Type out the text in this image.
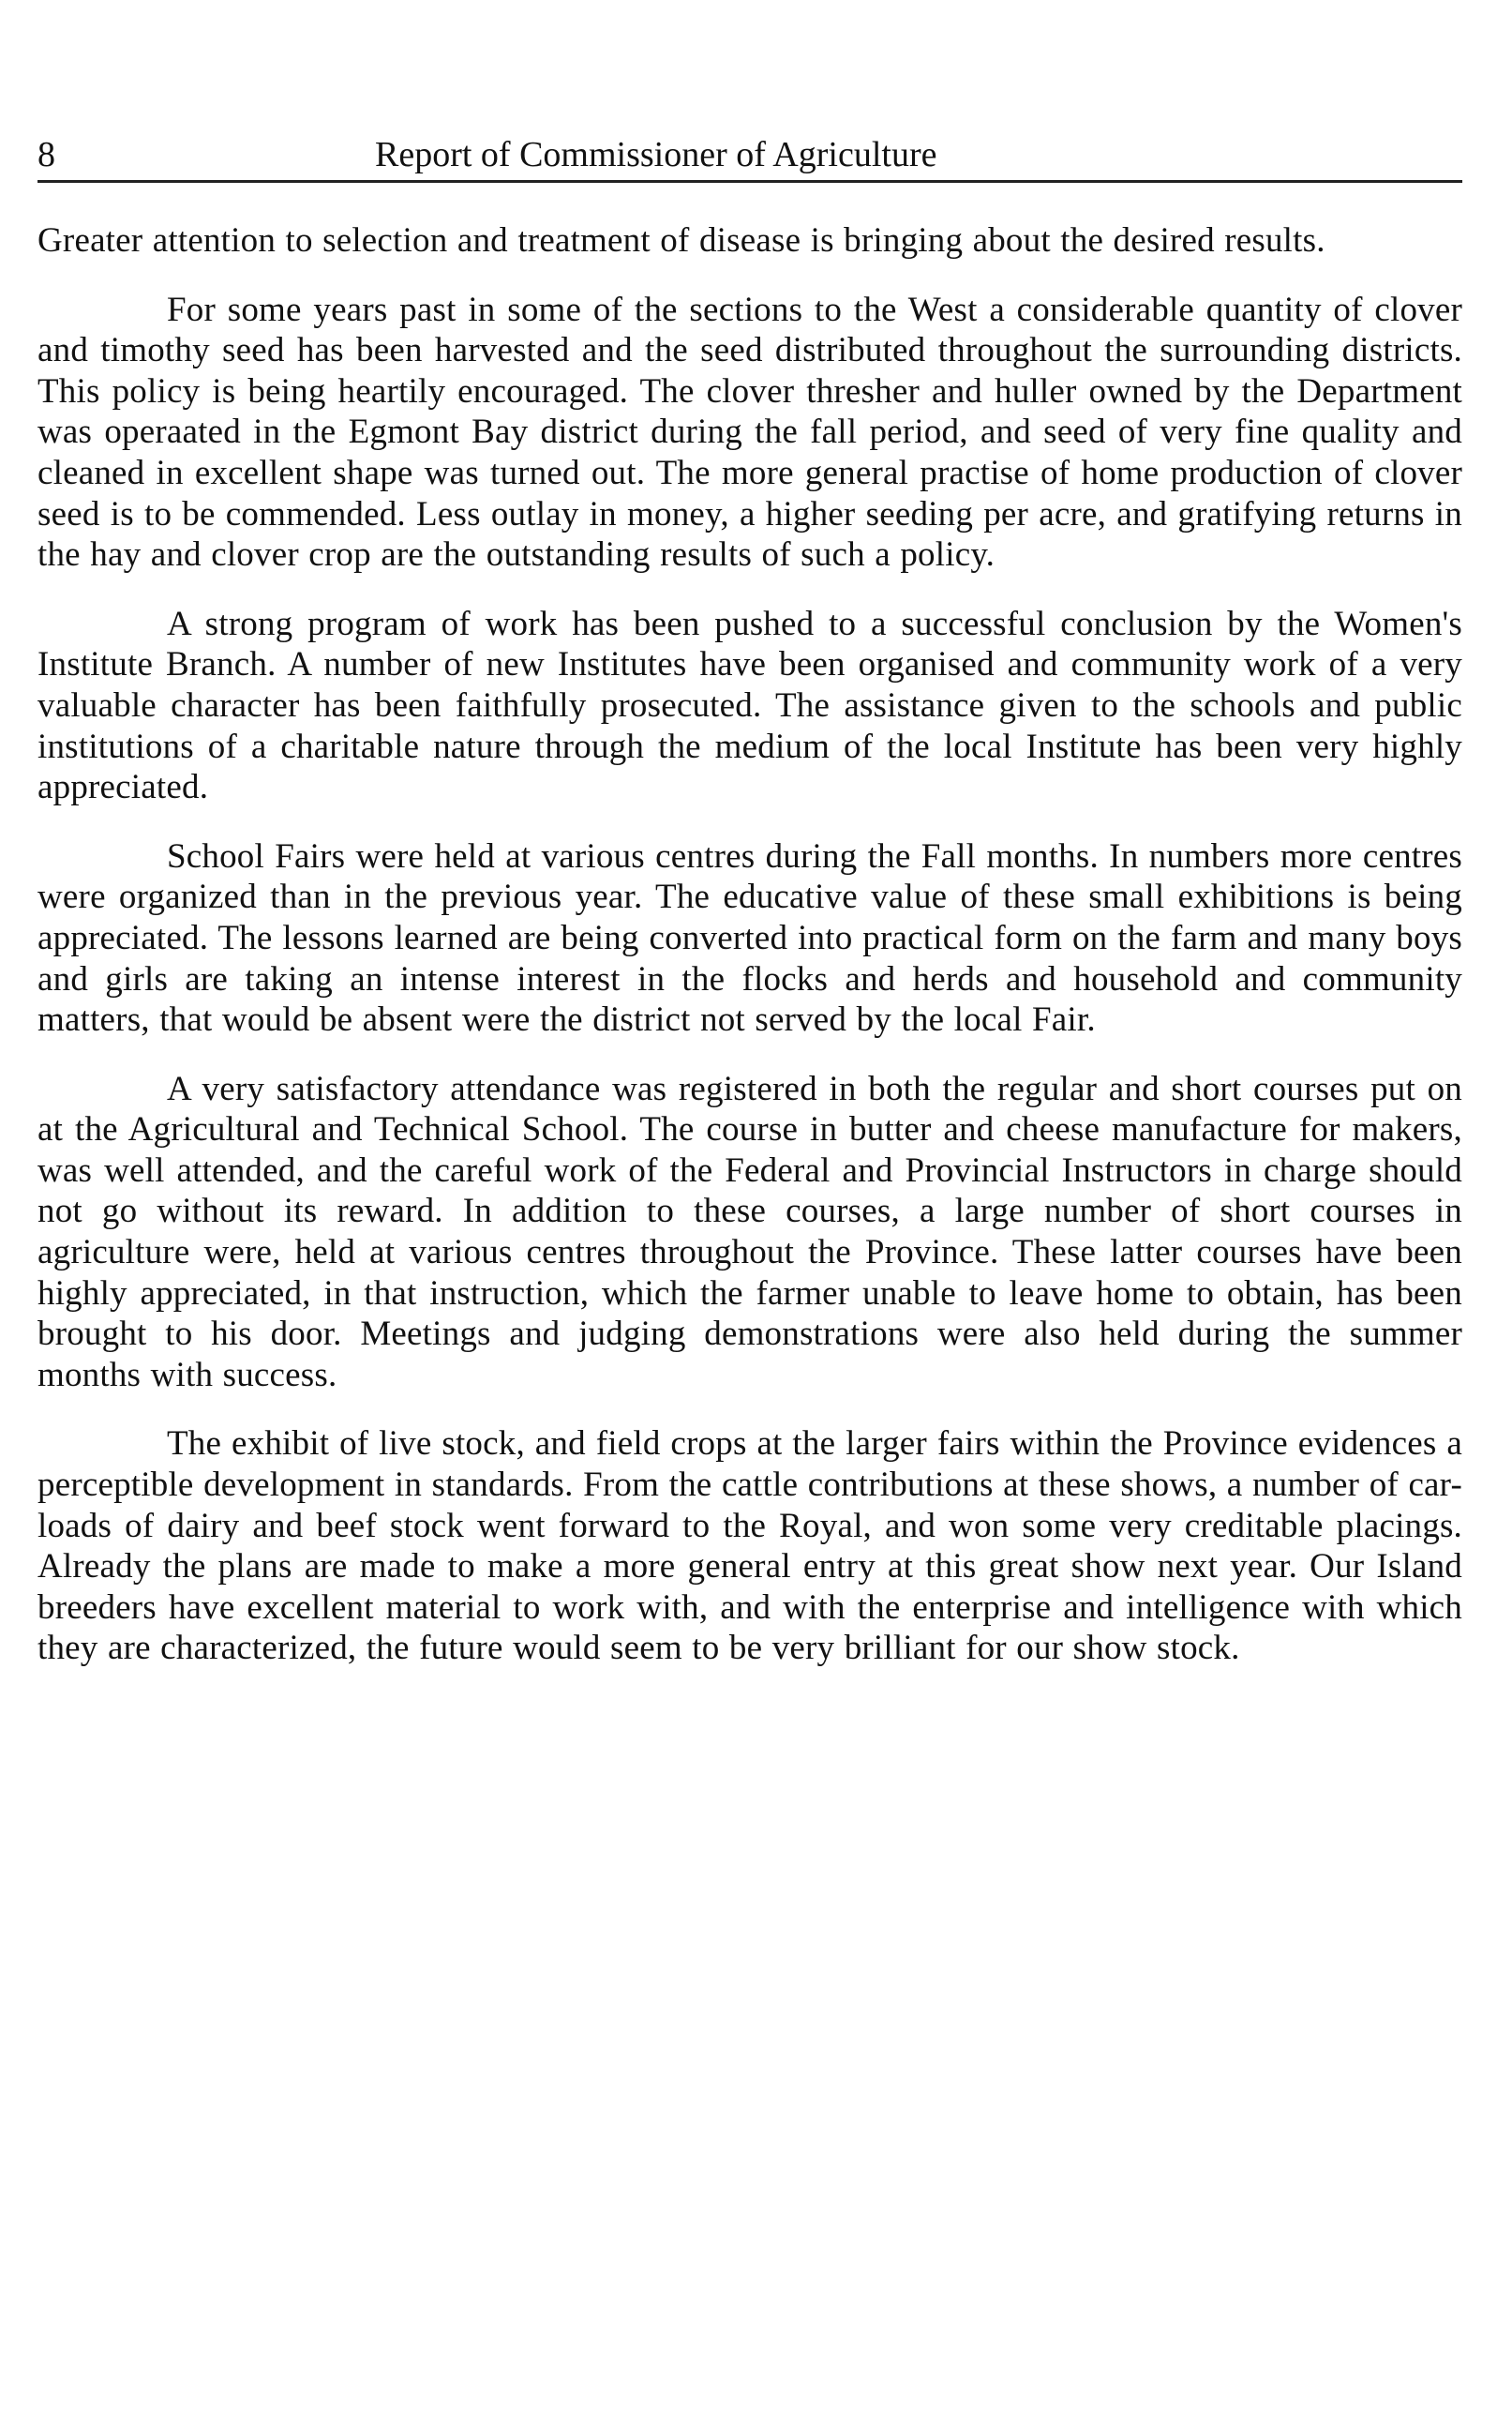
8	Report of Commissioner of Agriculture

Greater attention to selection and treatment of disease is bringing about the desired results.

For some years past in some of the sections to the West a considerable quantity of clover and timothy seed has been harvested and the seed distributed throughout the surrounding districts. This policy is being heartily encouraged. The clover thresher and huller owned by the Department was operaated in the Egmont Bay district during the fall period, and seed of very fine quality and cleaned in excellent shape was turned out. The more general practise of home production of clover seed is to be commended. Less outlay in money, a higher seeding per acre, and gratifying returns in the hay and clover crop are the outstanding results of such a policy.

A strong program of work has been pushed to a successful conclusion by the Women's Institute Branch. A number of new Institutes have been organised and community work of a very valuable character has been faithfully prosecuted. The assistance given to the schools and public institutions of a charitable nature through the medium of the local Institute has been very highly appreciated.

School Fairs were held at various centres during the Fall months. In numbers more centres were organized than in the previous year. The educative value of these small exhibitions is being appreciated. The lessons learned are being converted into practical form on the farm and many boys and girls are taking an intense interest in the flocks and herds and household and community matters, that would be absent were the district not served by the local Fair.

A very satisfactory attendance was registered in both the regular and short courses put on at the Agricultural and Technical School. The course in butter and cheese manufacture for makers, was well attended, and the careful work of the Federal and Provincial Instructors in charge should not go without its reward. In addition to these courses, a large number of short courses in agriculture were, held at various centres throughout the Province. These latter courses have been highly appreciated, in that instruction, which the farmer unable to leave home to obtain, has been brought to his door. Meetings and judging demonstrations were also held during the summer months with success.

The exhibit of live stock, and field crops at the larger fairs within the Province evidences a perceptible development in standards. From the cattle contributions at these shows, a number of car-loads of dairy and beef stock went forward to the Royal, and won some very creditable placings. Already the plans are made to make a more general entry at this great show next year. Our Island breeders have excellent material to work with, and with the enterprise and intelligence with which they are characterized, the future would seem to be very brilliant for our show stock.
